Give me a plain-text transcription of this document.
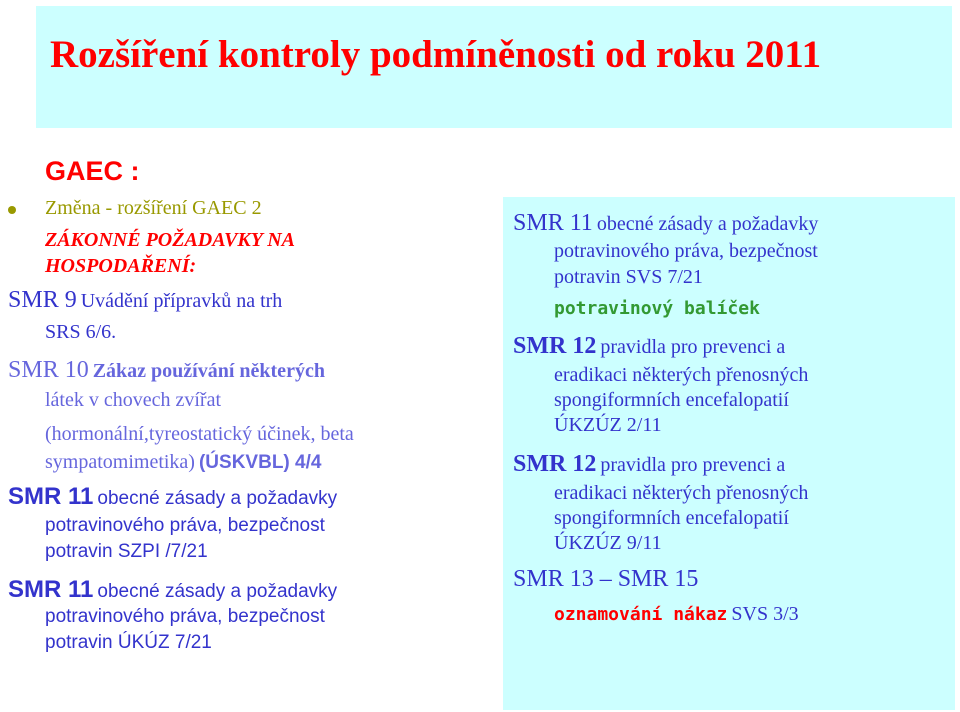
Rozšíření kontroly podmíněnosti od roku 2011
GAEC :
Změna - rozšíření GAEC 2
ZÁKONNÉ POŽADAVKY NA
HOSPODAŘENÍ:
SMR 9 Uvádění přípravků na trh
SRS 6/6.
SMR 10 Zákaz používání některých
látek v chovech zvířat
(hormonální,tyreostatický účinek, beta
sympatomimetika) (ÚSKVBL) 4/4
SMR 11 obecné zásady a požadavky
potravinového práva, bezpečnost
potravin SZPI /7/21
SMR 11 obecné zásady a požadavky
potravinového práva, bezpečnost
potravin ÚKÚZ 7/21
SMR 11 obecné zásady a požadavky
potravinového práva, bezpečnost
potravin SVS 7/21
potravinový balíček
SMR 12 pravidla pro prevenci a
eradikaci některých přenosných
spongiformních encefalopatií
ÚKZÚZ 2/11
SMR 12 pravidla pro prevenci a
eradikaci některých přenosných
spongiformních encefalopatií
ÚKZÚZ 9/11
SMR 13 – SMR 15
oznamování nákaz SVS 3/3
